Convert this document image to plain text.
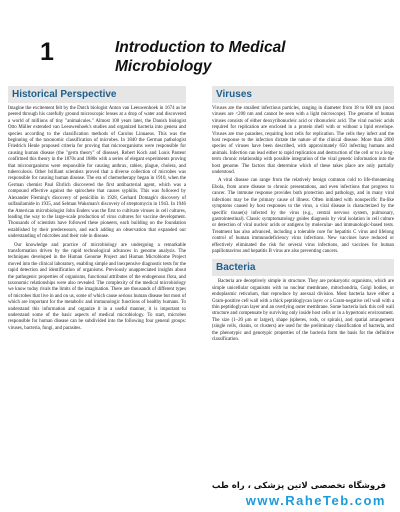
1	Introduction to Medical Microbiology
Historical Perspective

Imagine the excitement felt by the Dutch biologist Anton van Leeuwenhoek in 1674 as he peered through his carefully ground microscopic lenses at a drop of water and discovered a world of millions of tiny "animalcules." Almost 100 years later, the Danish biologist Otto Müller extended van Leeuwenhoek's studies and organized bacteria into genera and species according to the classification methods of Carolus Linnaeus. This was the beginning of the taxonomic classification of microbes. In 1840 the German pathologist Friedrich Henle proposed criteria for proving that microorganisms were responsible for causing human disease (the "germ theory" of disease). Robert Koch and Louis Pasteur confirmed this theory in the 1870s and 1880s with a series of elegant experiments proving that microorganisms were responsible for causing anthrax, rabies, plague, cholera, and tuberculosis. Other brilliant scientists proved that a diverse collection of microbes was responsible for causing human disease. The era of chemotherapy began in 1910, when the German chemist Paul Ehrlich discovered the first antibacterial agent, which was a compound effective against the spirochete that causes syphilis. This was followed by Alexander Fleming's discovery of penicillin in 1928, Gerhard Domagk's discovery of sulfanilamide in 1935, and Selman Waksman's discovery of streptomycin in 1943. In 1946 the American microbiologist John Enders was the first to cultivate viruses in cell cultures, leading the way to the large-scale production of virus cultures for vaccine development. Thousands of scientists have followed these pioneers, each building on the foundation established by their predecessors, and each adding an observation that expanded our understanding of microbes and their role in disease.

Our knowledge and practice of microbiology are undergoing a remarkable transformation driven by the rapid technological advances in genome analysis. The techniques developed in the Human Genome Project and Human Microbiome Project moved into the clinical laboratory, enabling simple and inexpensive diagnostic tests for the rapid detection and identification of organisms. Previously unappreciated insights about the pathogenic properties of organisms, functional attributes of the endogenous flora, and taxonomic relationships were also revealed. The complexity of the medical microbiology we know today rivals the limits of the imagination. There are thousands of different types of microbes that live in and on us, some of which cause serious human disease but most of which are important for the metabolic and immunologic functions of healthy humans. To understand this information and organize it in a useful manner, it is important to understand some of the basic aspects of medical microbiology. To start, microbes responsible for human disease can be subdivided into the following four general groups: viruses, bacteria, fungi, and parasites.

Viruses

Viruses are the smallest infectious particles, ranging in diameter from 18 to 600 nm (most viruses are <200 nm and cannot be seen with a light microscope). The genome of human viruses consists of either deoxyribonucleic acid or ribonucleic acid. The viral nucleic acids required for replication are enclosed in a protein shell with or without a lipid envelope. Viruses are true parasites, requiring host cells for replication. The cells they infect and the host response to the infection dictate the nature of the clinical disease. More than 2000 species of viruses have been described, with approximately 650 infecting humans and animals. Infection can lead either to rapid replication and destruction of the cell or to a long-term chronic relationship with possible integration of the viral genetic information into the host genome. The factors that determine which of these takes place are only partially understood.

A viral disease can range from the relatively benign common cold to life-threatening Ebola, from acute disease to chronic presentations, and even infections that progress to cancer. The immune response provides both protection and pathology, and in many viral infections may be the primary cause of illness. Often initiated with nonspecific flu-like symptoms caused by host responses to the virus, a viral disease is characterized by the specific tissue(s) infected by the virus (e.g., central nervous system, pulmonary, gastrointestinal). Classic symptomatology guides diagnosis by viral isolation in cell culture or detection of viral nucleic acids or antigens by molecular- and immunologic-based tests. Treatment has also advanced, including a tolerable cure for hepatitis C virus and lifelong control of human immunodeficiency virus infections. New vaccines have reduced or effectively eliminated the risk for several virus infections, and vaccines for human papillomavirus and hepatitis B virus are also preventing cancers.

Bacteria

Bacteria are deceptively simple in structure. They are prokaryotic organisms, which are simple unicellular organisms with no nuclear membrane, mitochondria, Golgi bodies, or endoplasmic reticulum, that reproduce by asexual division. Most bacteria have either a Gram-positive cell wall with a thick peptidoglycan layer or a Gram-negative cell wall with a thin peptidoglycan layer and an overlying outer membrane. Some bacteria lack this cell wall structure and compensate by surviving only inside host cells or in a hypertonic environment. The size (1–20 μm or larger), shape (spheres, rods, or spirals), and spatial arrangement (single cells, chains, or clusters) are used for the preliminary classification of bacteria, and the phenotypic and genotypic properties of the bacteria form the basis for the definitive classification.

فروشگاه تخصصی لاتین پزشکی ، راه طب
www.RaheTeb.com
